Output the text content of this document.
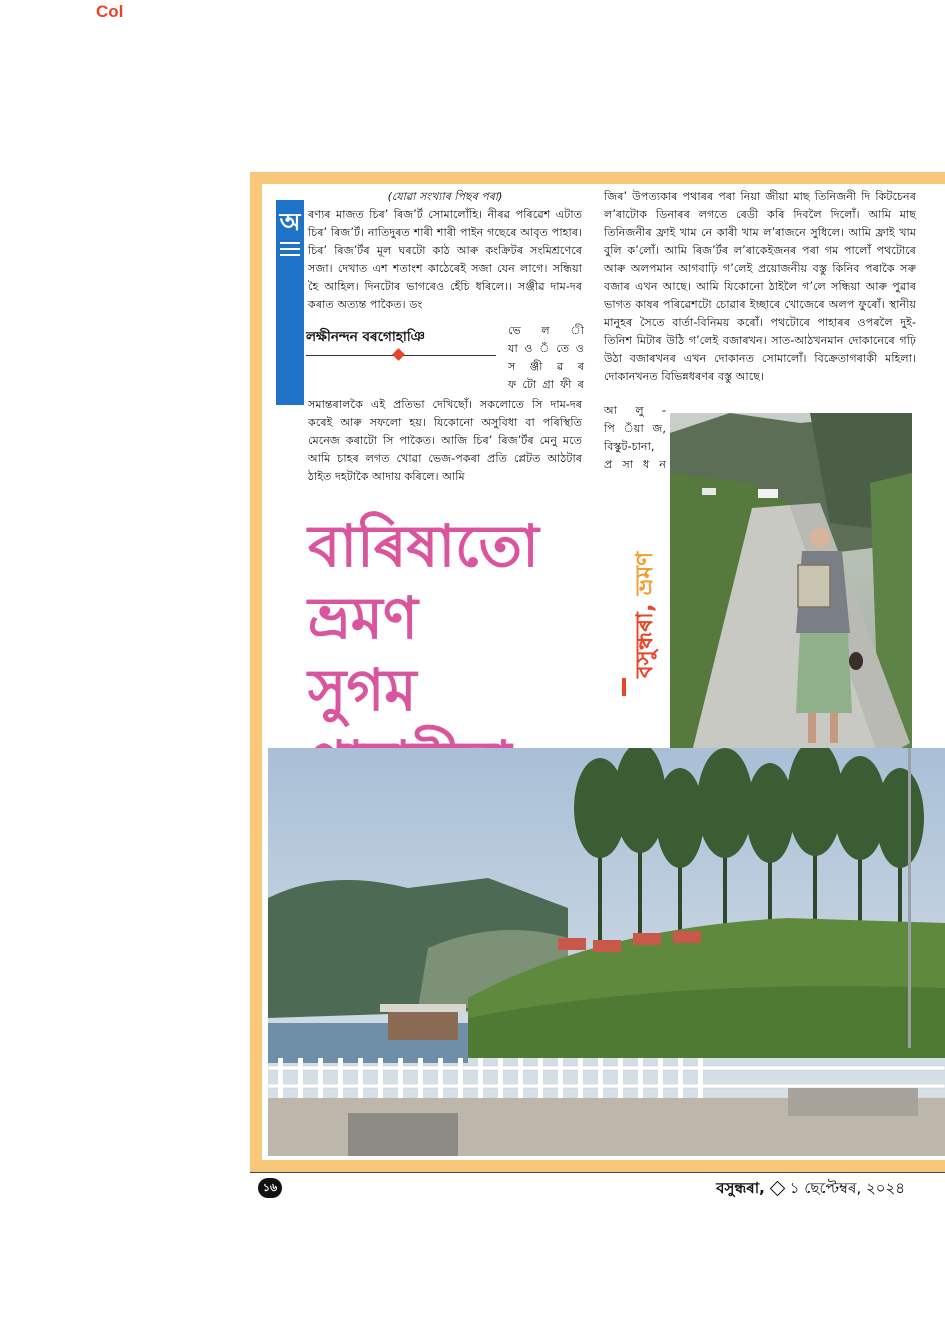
Col
অ
(যোৱা সংখ্যাৰ পিছৰ পৰা)

ৰণ্যৰ মাজত চিৰ’ ৰিজ’র্ট সোমালোঁহি। নীৰৱ পৰিৱেশ এটাত চিৰ’ ৰিজ’র্ট। নাতিদুৰত শাৰী শাৰী পাইন গছেৰে আবৃত পাহাৰ। চিৰ’ ৰিজ’র্টৰ মূল ঘৰটো কাঠ আৰু কংক্ৰিটৰ সংমিশ্ৰণেৰে সজা। দেখাত এশ শতাংশ কাঠেৰেই সজা যেন লাগে। সন্ধিয়া হৈ আহিল। দিনটোৰ ভাগৰেও হেঁচি ধৰিলে।। সঞ্জীৱ দাম-দৰ কৰাত অত্যন্ত পাকৈত। ডং

লক্ষীনন্দন বৰগোহাঞি	ভে ল ী
যা ও ঁ তে ও
স ঞ্জী ৱ ৰ
ফ টো গ্ৰা ফী ৰ

সমান্তৰালকৈ এই প্ৰতিভা দেখিছোঁ। সকলোতে সি দাম-দৰ কৰেই আৰু সফলো হয়। যিকোনো অসুবিধা বা পৰিস্থিতি মেনেজ কৰাটো সি পাকৈত। আজি চিৰ’ ৰিজ’র্টৰ মেনু মতে আমি চাহৰ লগত খোৱা ভেজ-পকৰা প্ৰতি প্লেটত আঠটাৰ ঠাইত দহটাকৈ আদায় কৰিলে। আমি

জিৰ’ উপত্যকাৰ পথাৰৰ পৰা নিয়া জীয়া মাছ তিনিজনী দি কিটচেনৰ ল’ৰাটোক ডিনাৰৰ লগতে ৰেডী কৰি দিবলৈ দিলোঁ। আমি মাছ তিনিজনীৰ ফ্ৰাই খাম নে কাৰী খাম ল’ৰাজনে সুধিলে। আমি ফ্ৰাই খাম বুলি ক’লোঁ। আমি ৰিজ’র্টৰ ল’ৰাকেইজনৰ পৰা গম পালোঁ পথটোৰে আৰু অলপমান আগবাঢ়ি গ’লেই প্ৰয়োজনীয় বস্তু কিনিব পৰাকৈ সৰু বজাৰ এখন আছে। আমি যিকোনো ঠাইলৈ গ’লে সন্ধিয়া আৰু পুৱাৰ ভাগত কাষৰ পৰিৱেশটো চোৱাৰ ইচ্ছাৰে খোজেৰে অলপ ফুৰোঁ। স্থানীয় মানুহৰ সৈতে বাৰ্তা-বিনিময় কৰোঁ। পথটোৰে পাহাৰৰ ওপৰলৈ দুই-তিনিশ মিটাৰ উঠি গ’লেই বজাৰখন। সাত-আঠখনমান দোকানেৰে গঢ়ি উঠা বজাৰখনৰ এখন দোকানত সোমালোঁ। বিক্ৰেতাগৰাকী মহিলা। দোকানখনত বিভিন্নধৰণৰ বস্তু আছে।

আ লু -
পি ঁয়া জ,
বিস্কুট-চানা,
প্ৰ সা ধ ন
বাৰিষাতো
ভ্ৰমণ
সুগম
বসুন্ধৰা, ভ্ৰমণ
১৬	বসুন্ধৰা, ১ ছেপ্টেম্বৰ, ২০২৪
